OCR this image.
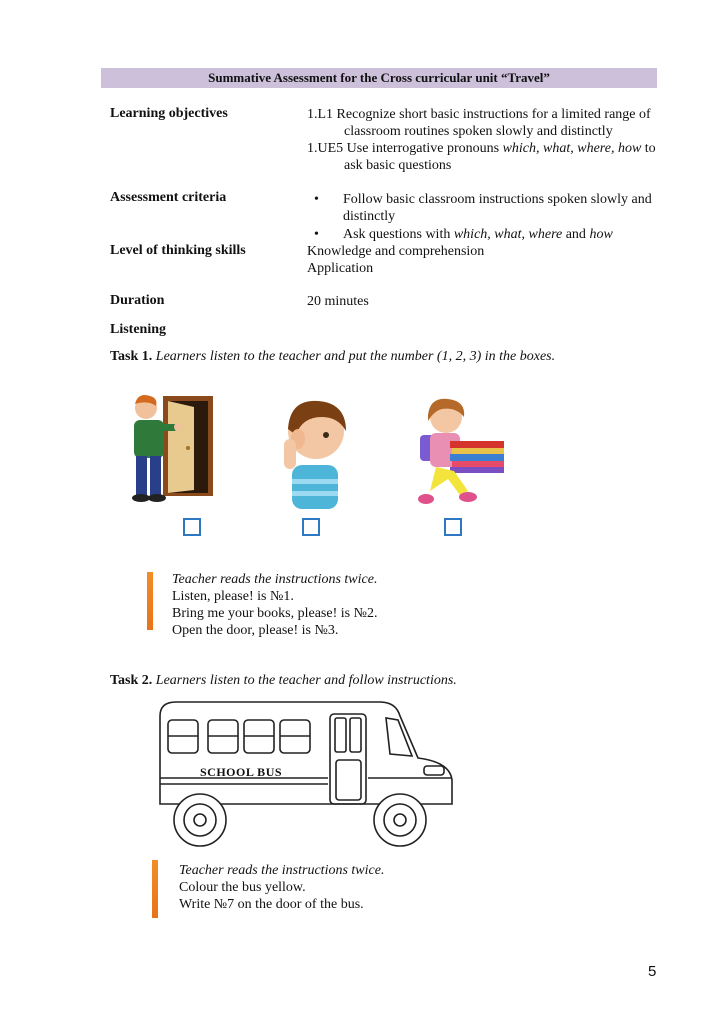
Summative Assessment for the Cross curricular unit “Travel”
Learning objectives	1.L1 Recognize short basic instructions for a limited range of
classroom routines spoken slowly and distinctly
1.UE5 Use interrogative pronouns which, what, where, how to
ask basic questions
Assessment criteria	•	Follow basic classroom instructions spoken slowly and
distinctly
•	Ask questions with which, what, where and how
Level of thinking skills	Knowledge and comprehension
Application
Duration	20 minutes
Listening
Task 1. Learners listen to the teacher and put the number (1, 2, 3) in the boxes.
Teacher reads the instructions twice.
Listen, please! is №1.
Bring me your books, please! is №2.
Open the door, please! is №3.
Task 2. Learners listen to the teacher and follow instructions.
SCHOOL BUS
Teacher reads the instructions twice.
Colour the bus yellow.
Write №7 on the door of the bus.
5
